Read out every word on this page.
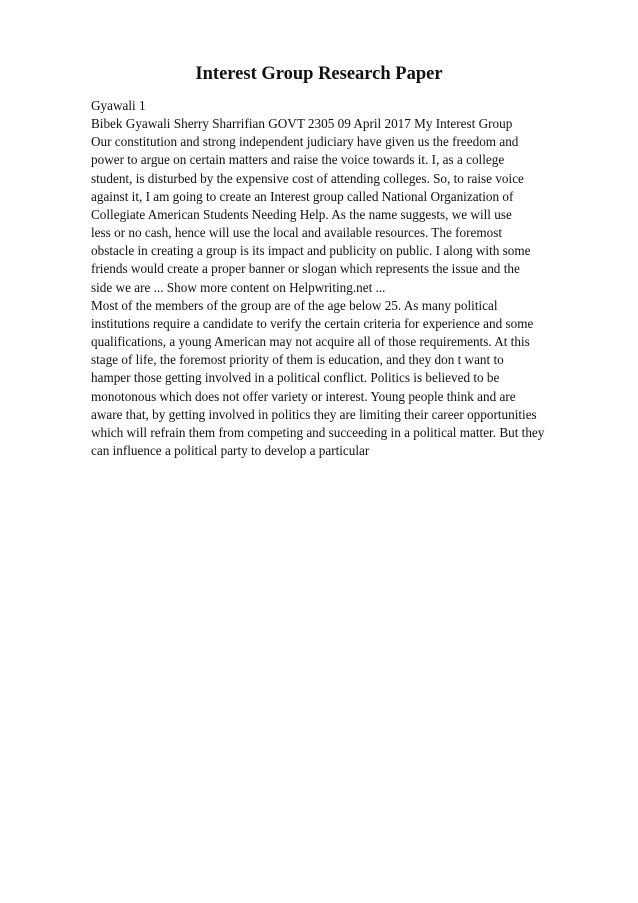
Interest Group Research Paper
Gyawali 1
Bibek Gyawali Sherry Sharrifian GOVT 2305 09 April 2017 My Interest Group
Our constitution and strong independent judiciary have given us the freedom and
power to argue on certain matters and raise the voice towards it. I, as a college
student, is disturbed by the expensive cost of attending colleges. So, to raise voice
against it, I am going to create an Interest group called National Organization of
Collegiate American Students Needing Help. As the name suggests, we will use
less or no cash, hence will use the local and available resources. The foremost
obstacle in creating a group is its impact and publicity on public. I along with some
friends would create a proper banner or slogan which represents the issue and the
side we are ... Show more content on Helpwriting.net ...
Most of the members of the group are of the age below 25. As many political
institutions require a candidate to verify the certain criteria for experience and some
qualifications, a young American may not acquire all of those requirements. At this
stage of life, the foremost priority of them is education, and they don t want to
hamper those getting involved in a political conflict. Politics is believed to be
monotonous which does not offer variety or interest. Young people think and are
aware that, by getting involved in politics they are limiting their career opportunities
which will refrain them from competing and succeeding in a political matter. But they
can influence a political party to develop a particular
